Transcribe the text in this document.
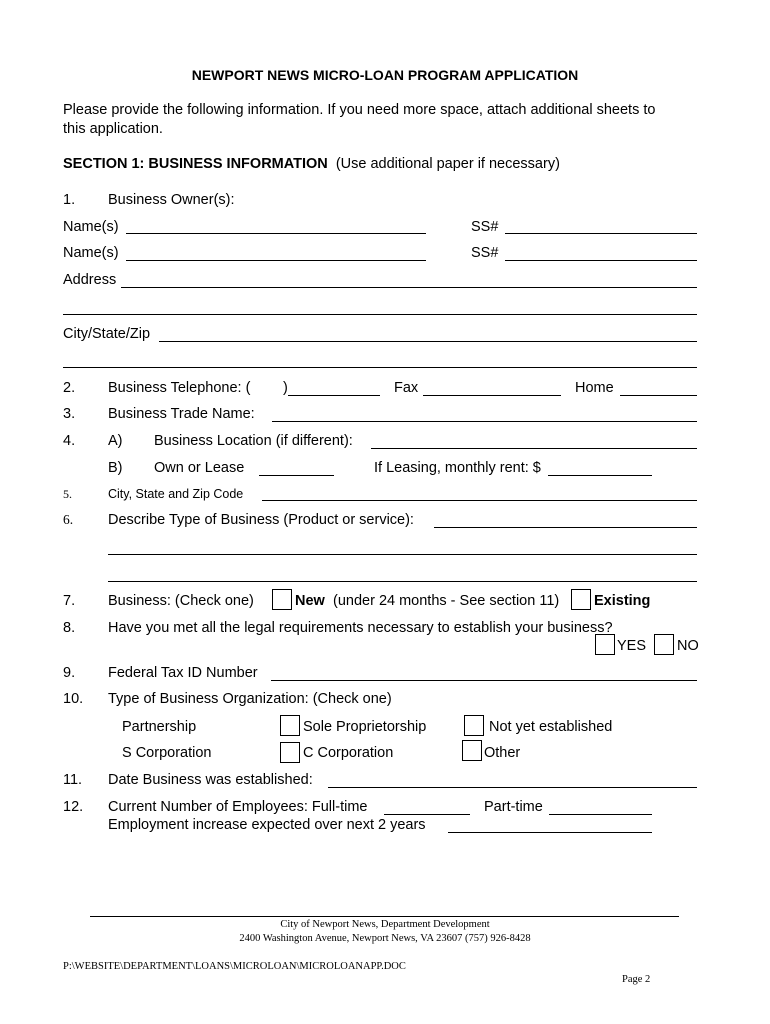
NEWPORT NEWS MICRO-LOAN PROGRAM APPLICATION
Please provide the following information. If you need more space, attach additional sheets to
this application.
SECTION 1: BUSINESS INFORMATION (Use additional paper if necessary)
1. Business Owner(s):
Name(s)	SS#
Name(s)	SS#
Address
City/State/Zip
2. Business Telephone: ( )	Fax	Home
3. Business Trade Name:
4. A) Business Location (if different):
B) Own or Lease	If Leasing, monthly rent: $
5.	City, State and Zip Code
6. Describe Type of Business (Product or service):
7. Business: (Check one)	New (under 24 months - See section 11) Existing
8. Have you met all the legal requirements necessary to establish your business?
YES NO
9. Federal Tax ID Number
10. Type of Business Organization: (Check one)
Partnership	Sole Proprietorship	Not yet established
S Corporation	C Corporation	Other
11. Date Business was established:
12. Current Number of Employees: Full-time	Part-time
Employment increase expected over next 2 years
City of Newport News, Department Development
2400 Washington Avenue, Newport News, VA 23607 (757) 926-8428
P:\WEBSITE\DEPARTMENT\LOANS\MICROLOAN\MICROLOANAPP.DOC
Page 2
